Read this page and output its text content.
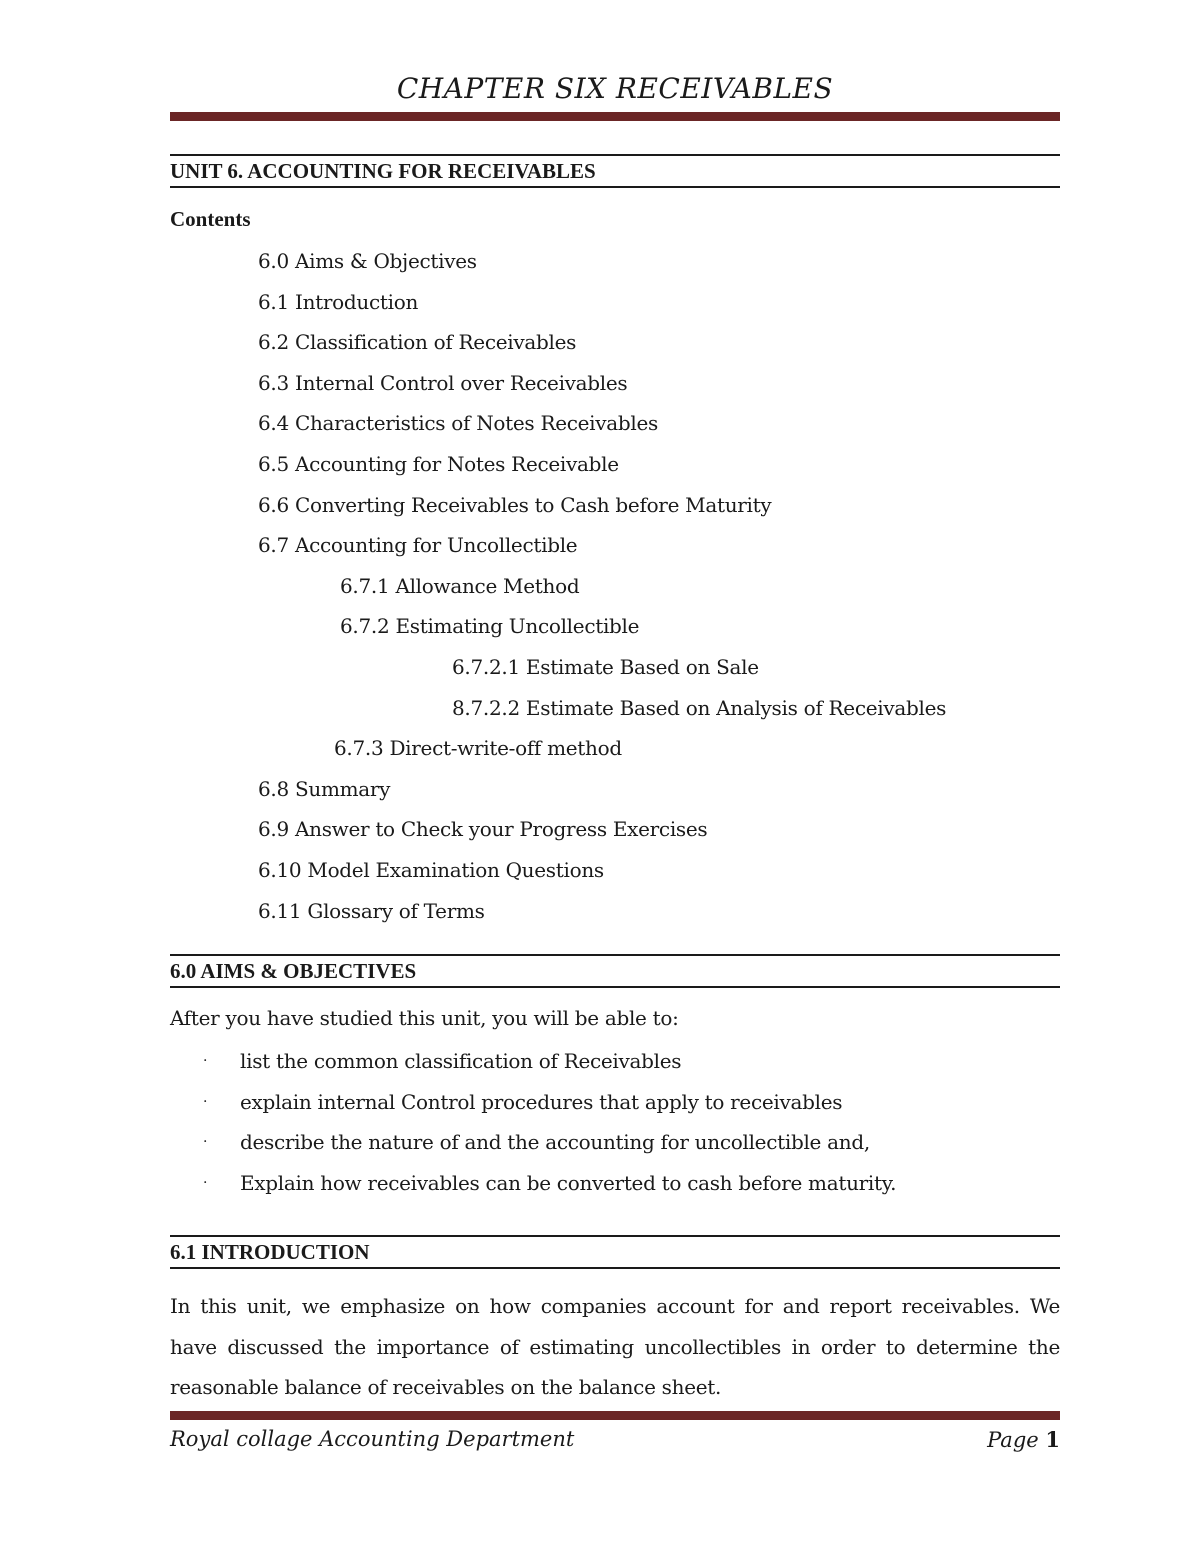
CHAPTER SIX RECEIVABLES
UNIT 6. ACCOUNTING FOR RECEIVABLES
Contents
6.0 Aims & Objectives
6.1 Introduction
6.2 Classification of Receivables
6.3 Internal Control over Receivables
6.4 Characteristics of Notes Receivables
6.5 Accounting for Notes Receivable
6.6 Converting Receivables to Cash before Maturity
6.7 Accounting for Uncollectible
6.7.1 Allowance Method
6.7.2 Estimating Uncollectible
6.7.2.1 Estimate Based on Sale
8.7.2.2 Estimate Based on Analysis of Receivables
6.7.3 Direct-write-off method
6.8 Summary
6.9 Answer to Check your Progress Exercises
6.10 Model Examination Questions
6.11 Glossary of Terms
6.0 AIMS & OBJECTIVES
After you have studied this unit, you will be able to:
· list the common classification of Receivables
· explain internal Control procedures that apply to receivables
· describe the nature of and the accounting for uncollectible and,
· Explain how receivables can be converted to cash before maturity.
6.1 INTRODUCTION
In this unit, we emphasize on how companies account for and report receivables. We have discussed the importance of estimating uncollectibles in order to determine the reasonable balance of receivables on the balance sheet.
Royal collage Accounting Department	Page 1
